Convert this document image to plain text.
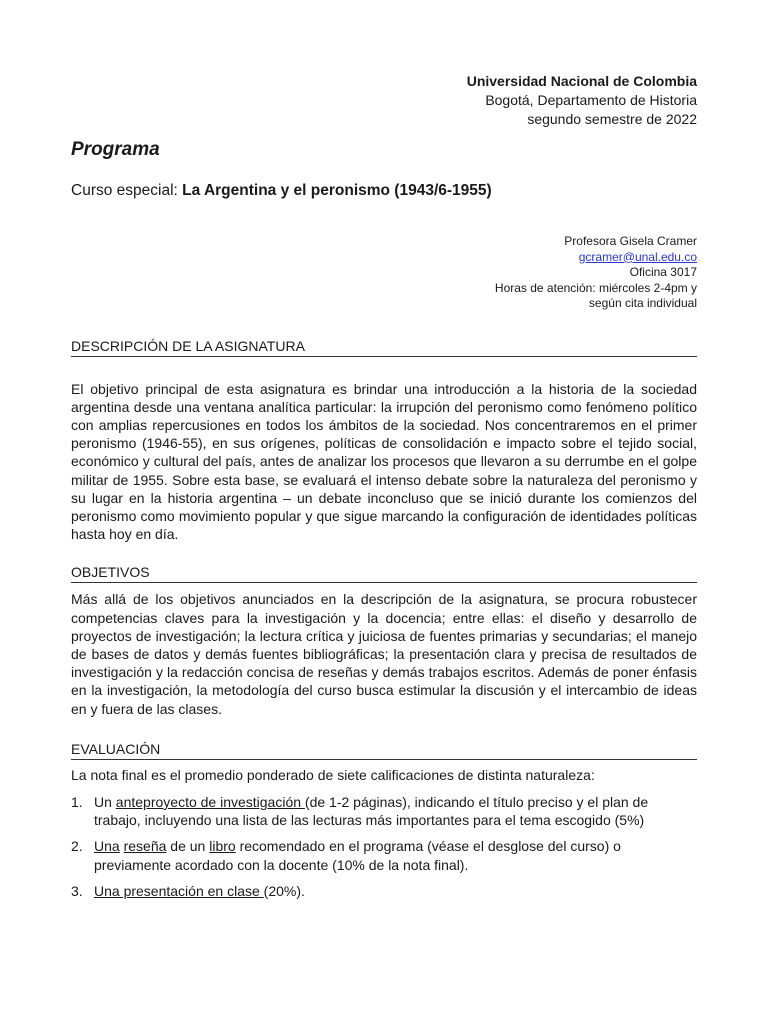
Universidad Nacional de Colombia
Bogotá, Departamento de Historia
segundo semestre de 2022
Programa
Curso especial: La Argentina y el peronismo (1943/6-1955)
Profesora Gisela Cramer
gcramer@unal.edu.co
Oficina 3017
Horas de atención: miércoles 2-4pm y
según cita individual
DESCRIPCIÓN DE LA ASIGNATURA
El objetivo principal de esta asignatura es brindar una introducción a la historia de la sociedad argentina desde una ventana analítica particular: la irrupción del peronismo como fenómeno político con amplias repercusiones en todos los ámbitos de la sociedad. Nos concentraremos en el primer peronismo (1946-55), en sus orígenes, políticas de consolidación e impacto sobre el tejido social, económico y cultural del país, antes de analizar los procesos que llevaron a su derrumbe en el golpe militar de 1955. Sobre esta base, se evaluará el intenso debate sobre la naturaleza del peronismo y su lugar en la historia argentina – un debate inconcluso que se inició durante los comienzos del peronismo como movimiento popular y que sigue marcando la configuración de identidades políticas hasta hoy en día.
OBJETIVOS
Más allá de los objetivos anunciados en la descripción de la asignatura, se procura robustecer competencias claves para la investigación y la docencia; entre ellas: el diseño y desarrollo de proyectos de investigación; la lectura crítica y juiciosa de fuentes primarias y secundarias; el manejo de bases de datos y demás fuentes bibliográficas; la presentación clara y precisa de resultados de investigación y la redacción concisa de reseñas y demás trabajos escritos. Además de poner énfasis en la investigación, la metodología del curso busca estimular la discusión y el intercambio de ideas en y fuera de las clases.
EVALUACIÓN
La nota final es el promedio ponderado de siete calificaciones de distinta naturaleza:
1. Un anteproyecto de investigación (de 1-2 páginas), indicando el título preciso y el plan de trabajo, incluyendo una lista de las lecturas más importantes para el tema escogido (5%)
2. Una reseña de un libro recomendado en el programa (véase el desglose del curso) o previamente acordado con la docente (10% de la nota final).
3. Una presentación en clase (20%).
